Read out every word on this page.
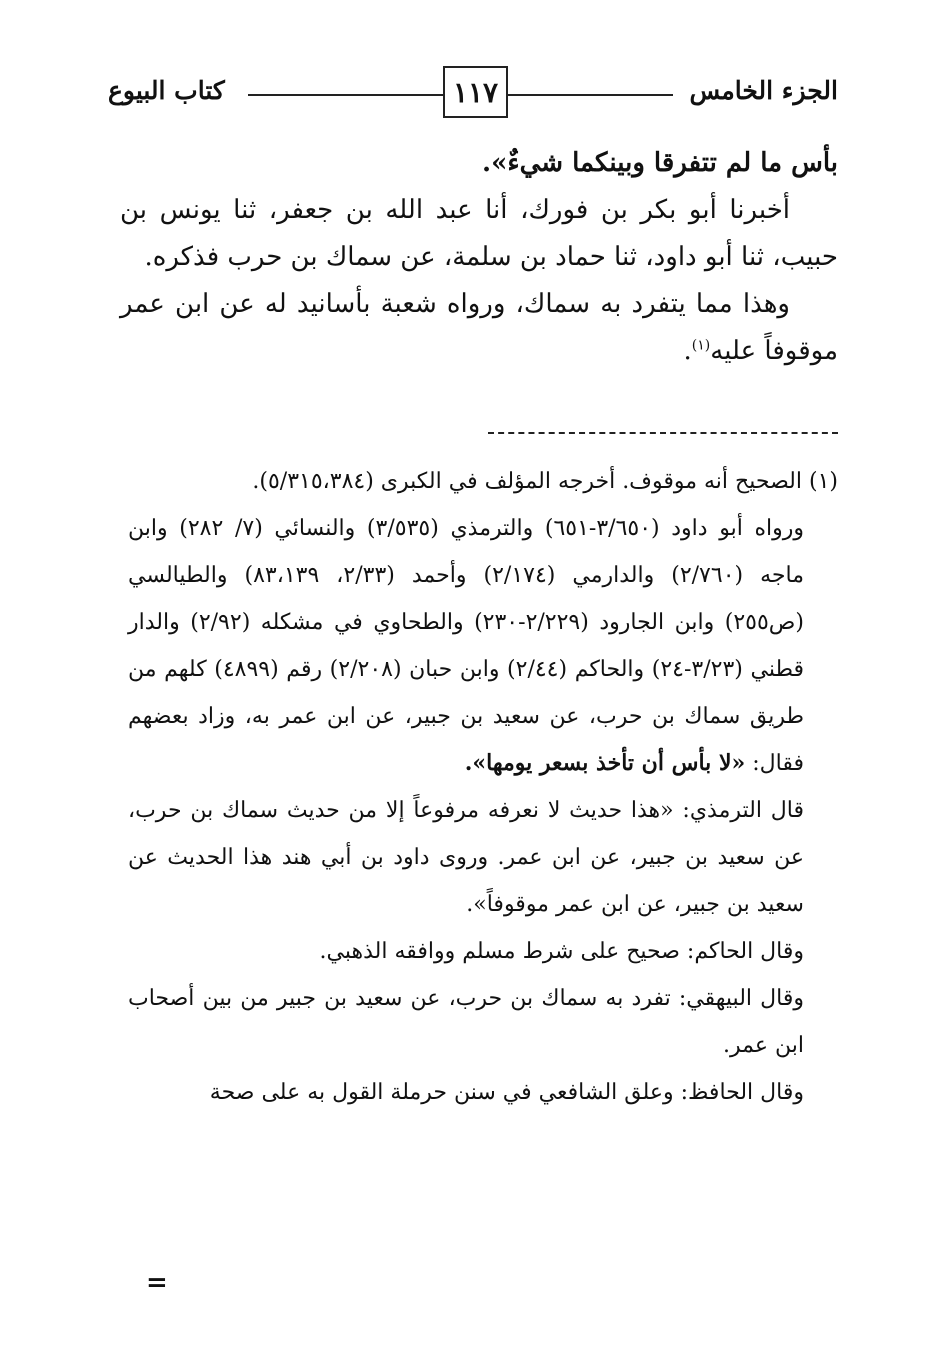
الجزء الخامس
١١٧
كتاب البيوع

بأس ما لم تتفرقا وبينكما شيءٌ».

أخبرنا أبو بكر بن فورك، أنا عبد الله بن جعفر، ثنا يونس بن حبيب، ثنا أبو داود، ثنا حماد بن سلمة، عن سماك بن حرب فذكره.

وهذا مما يتفرد به سماك، ورواه شعبة بأسانيد له عن ابن عمر موقوفاً عليه$^{(١)}$.

(١) الصحيح أنه موقوف. أخرجه المؤلف في الكبرى (٥/٣١٥،٣٨٤).

ورواه أبو داود (٣/٦٥٠-٦٥١) والترمذي (٣/٥٣٥) والنسائي (٧/ ٢٨٢) وابن ماجه (٢/٧٦٠) والدارمي (٢/١٧٤) وأحمد (٢/٣٣، ٨٣،١٣٩) والطيالسي (ص٢٥٥) وابن الجارود (٢/٢٢٩-٢٣٠) والطحاوي في مشكله (٢/٩٢) والدار قطني (٣/٢٣-٢٤) والحاكم (٢/٤٤) وابن حبان (٢/٢٠٨) رقم (٤٨٩٩) كلهم من طريق سماك بن حرب، عن سعيد بن جبير، عن ابن عمر به، وزاد بعضهم فقال: «لا بأس أن تأخذ بسعر يومها».

قال الترمذي: «هذا حديث لا نعرفه مرفوعاً إلا من حديث سماك بن حرب، عن سعيد بن جبير، عن ابن عمر. وروى داود بن أبي هند هذا الحديث عن سعيد بن جبير، عن ابن عمر موقوفاً».

وقال الحاكم: صحيح على شرط مسلم ووافقه الذهبي.

وقال البيهقي: تفرد به سماك بن حرب، عن سعيد بن جبير من بين أصحاب ابن عمر.

وقال الحافظ: وعلق الشافعي في سنن حرملة القول به على صحة

=
